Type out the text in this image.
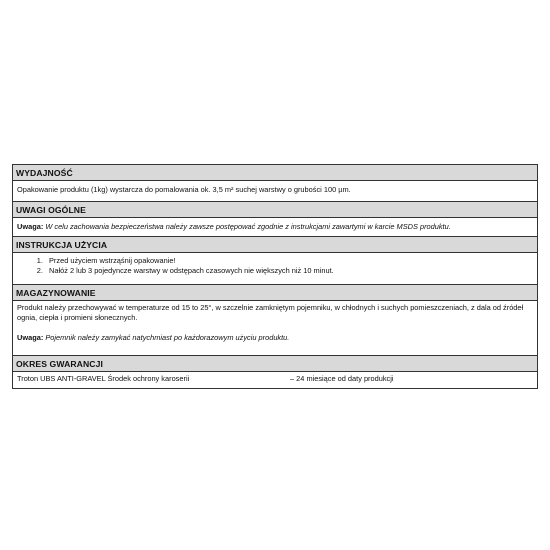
WYDAJNOŚĆ
Opakowanie produktu (1kg) wystarcza do pomalowania ok. 3,5 m² suchej warstwy o grubości 100 µm.
UWAGI OGÓLNE
Uwaga: W celu zachowania bezpieczeństwa należy zawsze postępować zgodnie z instrukcjami zawartymi w karcie MSDS produktu.
INSTRUKCJA UŻYCIA
1. Przed użyciem wstrząśnij opakowanie!
2. Nałóż 2 lub 3 pojedyncze warstwy w odstępach czasowych nie większych niż 10 minut.
MAGAZYNOWANIE
Produkt należy przechowywać w temperaturze od 15 to 25°, w szczelnie zamkniętym pojemniku, w chłodnych i suchych pomieszczeniach, z dala od źródeł ognia, ciepła i promieni słonecznych.
Uwaga: Pojemnik należy zamykać natychmiast po każdorazowym użyciu produktu.
OKRES GWARANCJI
Troton UBS ANTI-GRAVEL Środek ochrony karoserii	– 24 miesiące od daty produkcji
